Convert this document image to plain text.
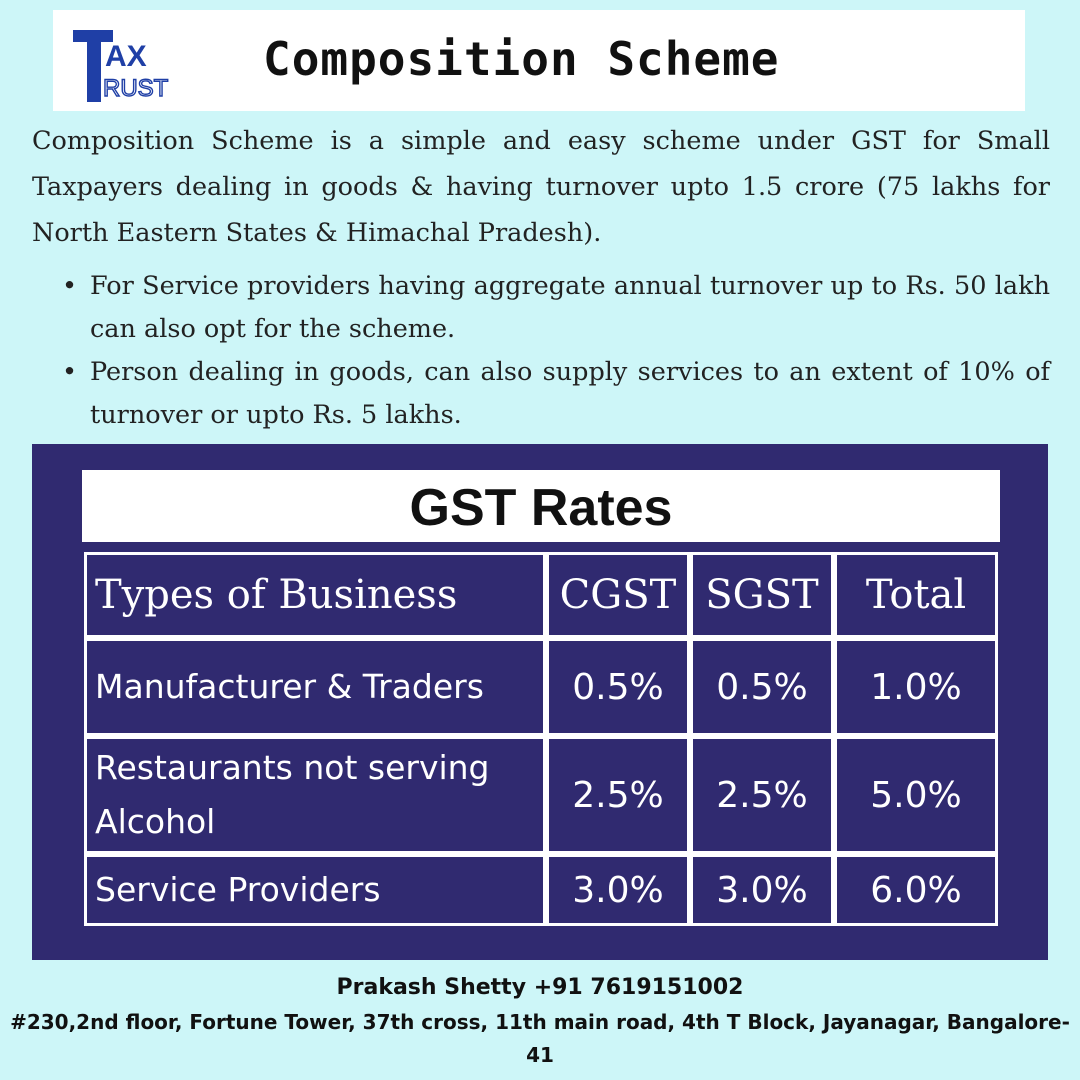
AX
RUST
Composition Scheme
Composition Scheme is a simple and easy scheme under GST for Small Taxpayers dealing in goods & having turnover upto 1.5 crore (75 lakhs for North Eastern States & Himachal Pradesh).
• For Service providers having aggregate annual turnover up to Rs. 50 lakh can also opt for the scheme.
• Person dealing in goods, can also supply services to an extent of 10% of turnover or upto Rs. 5 lakhs.
GST Rates
Types of Business	CGST	SGST	Total
Manufacturer & Traders	0.5%	0.5%	1.0%
Restaurants not serving Alcohol	2.5%	2.5%	5.0%
Service Providers	3.0%	3.0%	6.0%
Prakash Shetty +91 7619151002
#230,2nd floor, Fortune Tower, 37th cross, 11th main road, 4th T Block, Jayanagar, Bangalore-41
